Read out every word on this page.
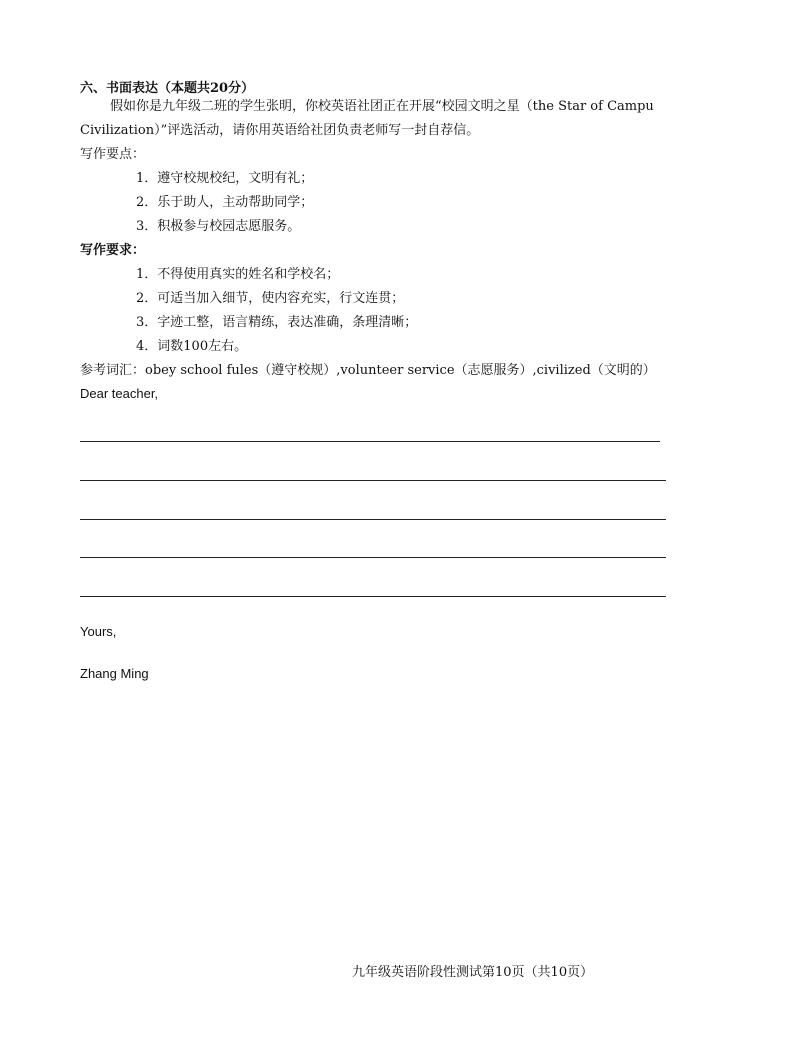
六、书面表达（本题共20分）
假如你是九年级二班的学生张明，你校英语社团正在开展“校园文明之星（the Star of Campu
Civilization）”评选活动，请你用英语给社团负责老师写一封自荐信。
写作要点：
1．遵守校规校纪，文明有礼；
2．乐于助人，主动帮助同学；
3．积极参与校园志愿服务。
写作要求：
1．不得使用真实的姓名和学校名；
2．可适当加入细节，使内容充实，行文连贯；
3．字迹工整，语言精练，表达准确，条理清晰；
4．词数100左右。
参考词汇：obey school fules（遵守校规）,volunteer service（志愿服务）,civilized（文明的）
Dear teacher,
Yours,
Zhang Ming
九年级英语阶段性测试第10页（共10页）
